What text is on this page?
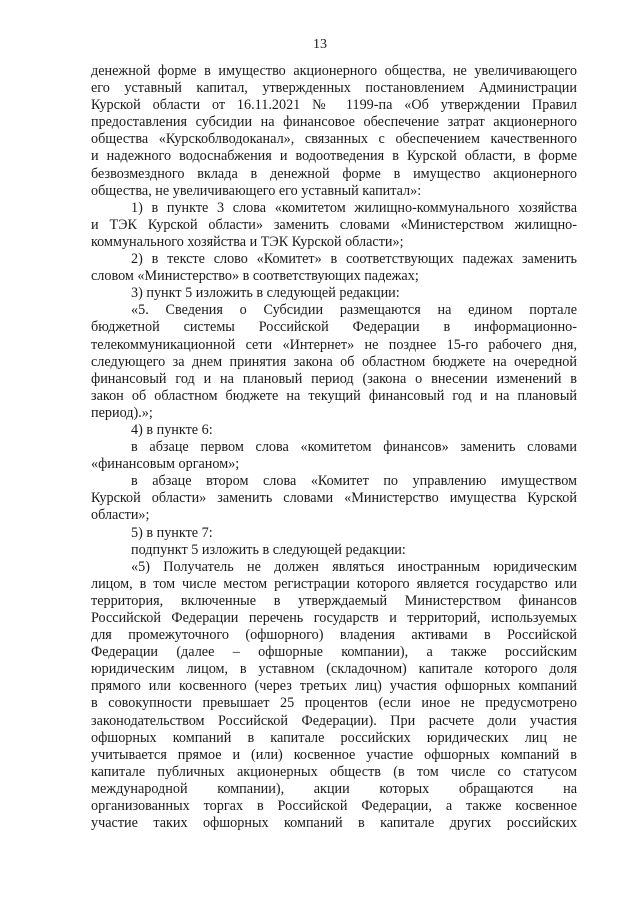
13
денежной форме в имущество акционерного общества, не увеличивающего
его уставный капитал, утвержденных постановлением Администрации
Курской области от 16.11.2021 № 1199-па «Об утверждении Правил
предоставления субсидии на финансовое обеспечение затрат акционерного
общества «Курскоблводоканал», связанных с обеспечением качественного
и надежного водоснабжения и водоотведения в Курской области, в форме
безвозмездного вклада в денежной форме в имущество акционерного
общества, не увеличивающего его уставный капитал»:
1) в пункте 3 слова «комитетом жилищно-коммунального хозяйства
и ТЭК Курской области» заменить словами «Министерством жилищно-
коммунального хозяйства и ТЭК Курской области»;
2) в тексте слово «Комитет» в соответствующих падежах заменить
словом «Министерство» в соответствующих падежах;
3) пункт 5 изложить в следующей редакции:
«5. Сведения о Субсидии размещаются на едином портале
бюджетной системы Российской Федерации в информационно-
телекоммуникационной сети «Интернет» не позднее 15-го рабочего дня,
следующего за днем принятия закона об областном бюджете на очередной
финансовый год и на плановый период (закона о внесении изменений в
закон об областном бюджете на текущий финансовый год и на плановый
период).»;
4) в пункте 6:
в абзаце первом слова «комитетом финансов» заменить словами
«финансовым органом»;
в абзаце втором слова «Комитет по управлению имуществом
Курской области» заменить словами «Министерство имущества Курской
области»;
5) в пункте 7:
подпункт 5 изложить в следующей редакции:
«5) Получатель не должен являться иностранным юридическим
лицом, в том числе местом регистрации которого является государство или
территория, включенные в утверждаемый Министерством финансов
Российской Федерации перечень государств и территорий, используемых
для промежуточного (офшорного) владения активами в Российской
Федерации (далее – офшорные компании), а также российским
юридическим лицом, в уставном (складочном) капитале которого доля
прямого или косвенного (через третьих лиц) участия офшорных компаний
в совокупности превышает 25 процентов (если иное не предусмотрено
законодательством Российской Федерации). При расчете доли участия
офшорных компаний в капитале российских юридических лиц не
учитывается прямое и (или) косвенное участие офшорных компаний в
капитале публичных акционерных обществ (в том числе со статусом
международной компании), акции которых обращаются на
организованных торгах в Российской Федерации, а также косвенное
участие таких офшорных компаний в капитале других российских
